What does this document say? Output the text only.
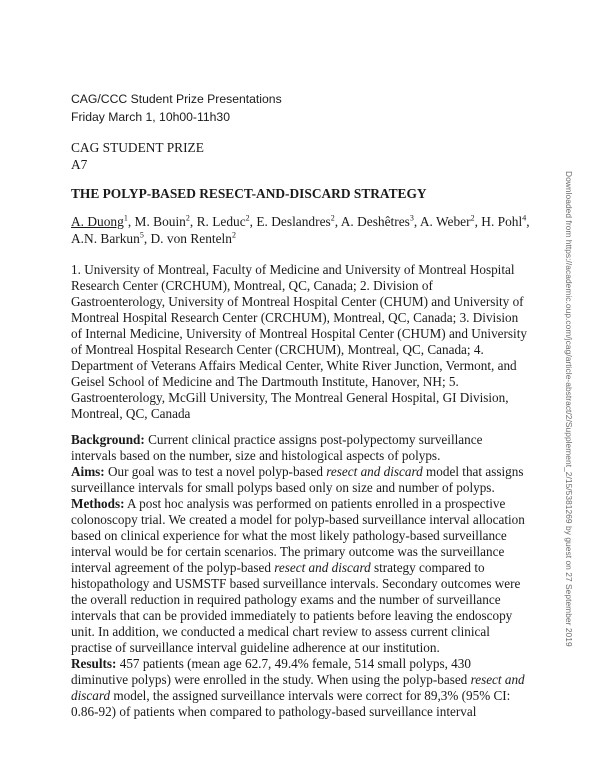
CAG/CCC Student Prize Presentations
Friday March 1, 10h00-11h30
CAG STUDENT PRIZE
A7
THE POLYP-BASED RESECT-AND-DISCARD STRATEGY
A. Duong$^1$, M. Bouin$^2$, R. Leduc$^2$, E. Deslandres$^2$, A. Deshêtres$^3$, A. Weber$^2$, H. Pohl$^4$,
A.N. Barkun$^5$, D. von Renteln$^2$
1. University of Montreal, Faculty of Medicine and University of Montreal Hospital
Research Center (CRCHUM), Montreal, QC, Canada; 2. Division of
Gastroenterology, University of Montreal Hospital Center (CHUM) and University of
Montreal Hospital Research Center (CRCHUM), Montreal, QC, Canada; 3. Division
of Internal Medicine, University of Montreal Hospital Center (CHUM) and University
of Montreal Hospital Research Center (CRCHUM), Montreal, QC, Canada; 4.
Department of Veterans Affairs Medical Center, White River Junction, Vermont, and
Geisel School of Medicine and The Dartmouth Institute, Hanover, NH; 5.
Gastroenterology, McGill University, The Montreal General Hospital, GI Division,
Montreal, QC, Canada
Background: Current clinical practice assigns post-polypectomy surveillance
intervals based on the number, size and histological aspects of polyps.
Aims: Our goal was to test a novel polyp-based resect and discard model that assigns
surveillance intervals for small polyps based only on size and number of polyps.
Methods: A post hoc analysis was performed on patients enrolled in a prospective
colonoscopy trial. We created a model for polyp-based surveillance interval allocation
based on clinical experience for what the most likely pathology-based surveillance
interval would be for certain scenarios. The primary outcome was the surveillance
interval agreement of the polyp-based resect and discard strategy compared to
histopathology and USMSTF based surveillance intervals. Secondary outcomes were
the overall reduction in required pathology exams and the number of surveillance
intervals that can be provided immediately to patients before leaving the endoscopy
unit. In addition, we conducted a medical chart review to assess current clinical
practise of surveillance interval guideline adherence at our institution.
Results: 457 patients (mean age 62.7, 49.4% female, 514 small polyps, 430
diminutive polyps) were enrolled in the study. When using the polyp-based resect and
discard model, the assigned surveillance intervals were correct for 89,3% (95% CI:
0.86-92) of patients when compared to pathology-based surveillance interval
Downloaded from https://academic.oup.com/jcag/article-abstract/2/Supplement_2/15/5381269 by guest on 27 September 2019
